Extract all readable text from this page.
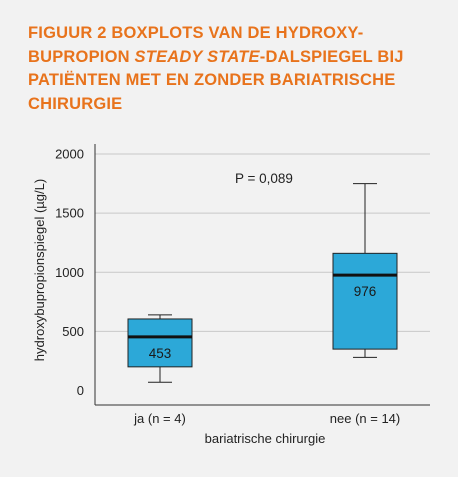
FIGUUR 2 BOXPLOTS VAN DE HYDROXY-BUPROPION STEADY STATE-DALSPIEGEL BIJ PATIËNTEN MET EN ZONDER BARIATRISCHE CHIRURGIE
0
500
1000
1500
2000
453
976
ja (n = 4)	nee (n = 14)
hydroxybupropionspiegel (µg/L)
bariatrische chirurgie
P = 0,089
